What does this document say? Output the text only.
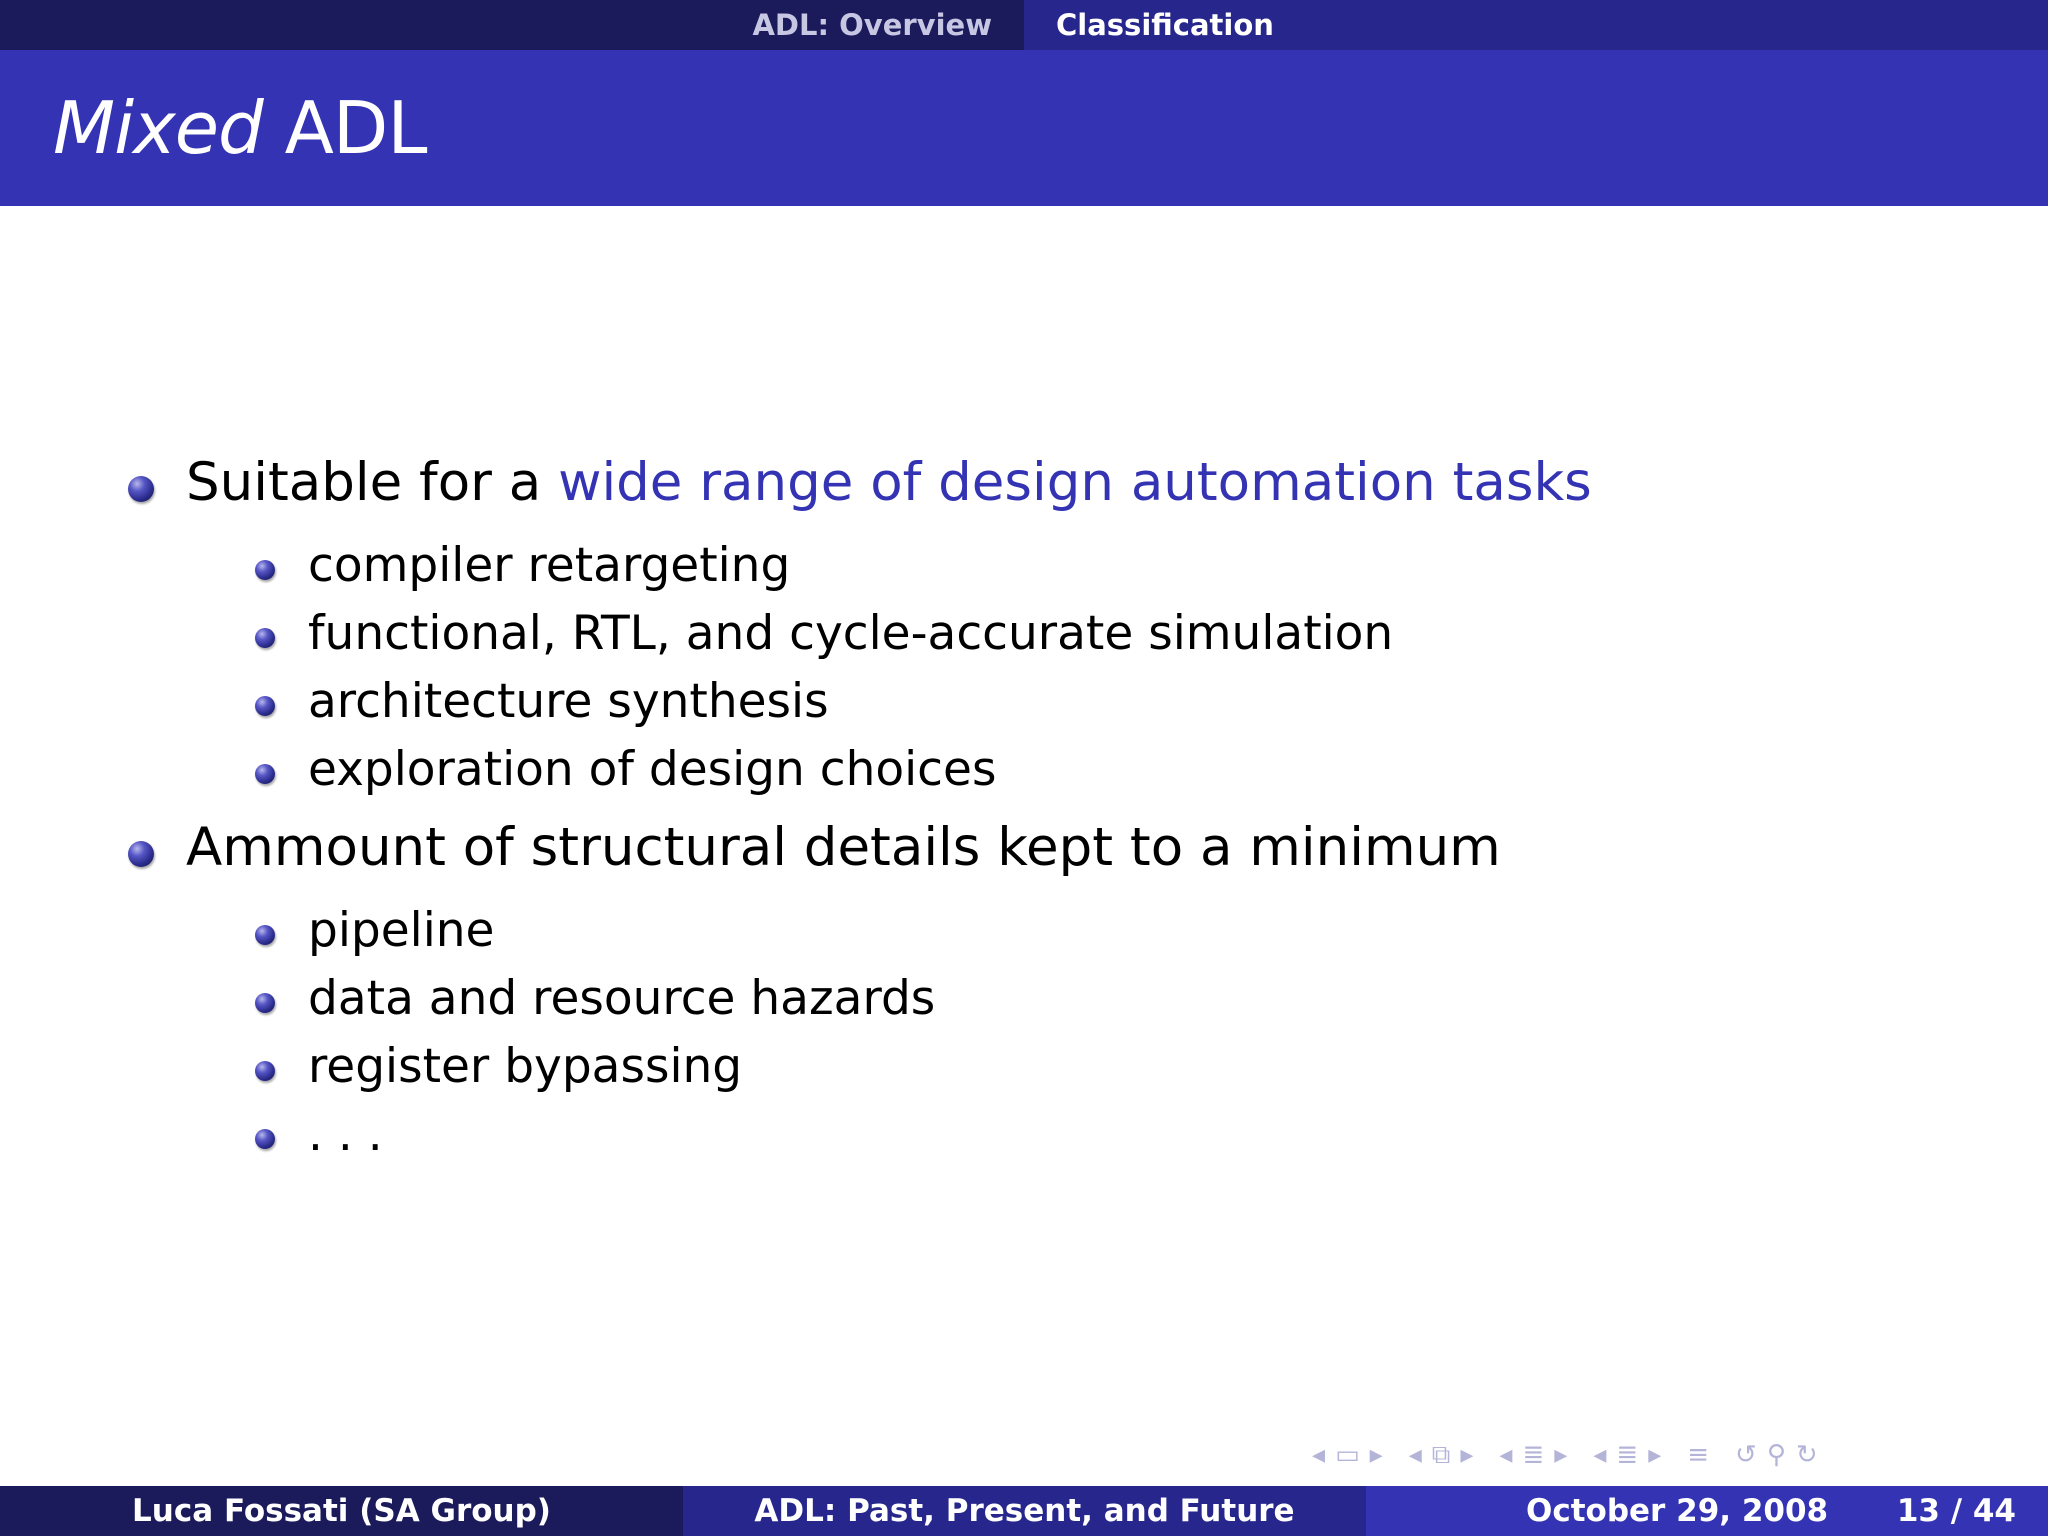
ADL: Overview Classification
Mixed ADL
Suitable for a wide range of design automation tasks
compiler retargeting
functional, RTL, and cycle-accurate simulation
architecture synthesis
exploration of design choices
Ammount of structural details kept to a minimum
pipeline
data and resource hazards
register bypassing
. . .
◂ ▭ ▸ ◂ ⧉ ▸ ◂ ≣ ▸ ◂ ≣ ▸ ≡ ↺ ⚲ ↻
Luca Fossati (SA Group)	ADL: Past, Present, and Future	October 29, 2008 13 / 44
